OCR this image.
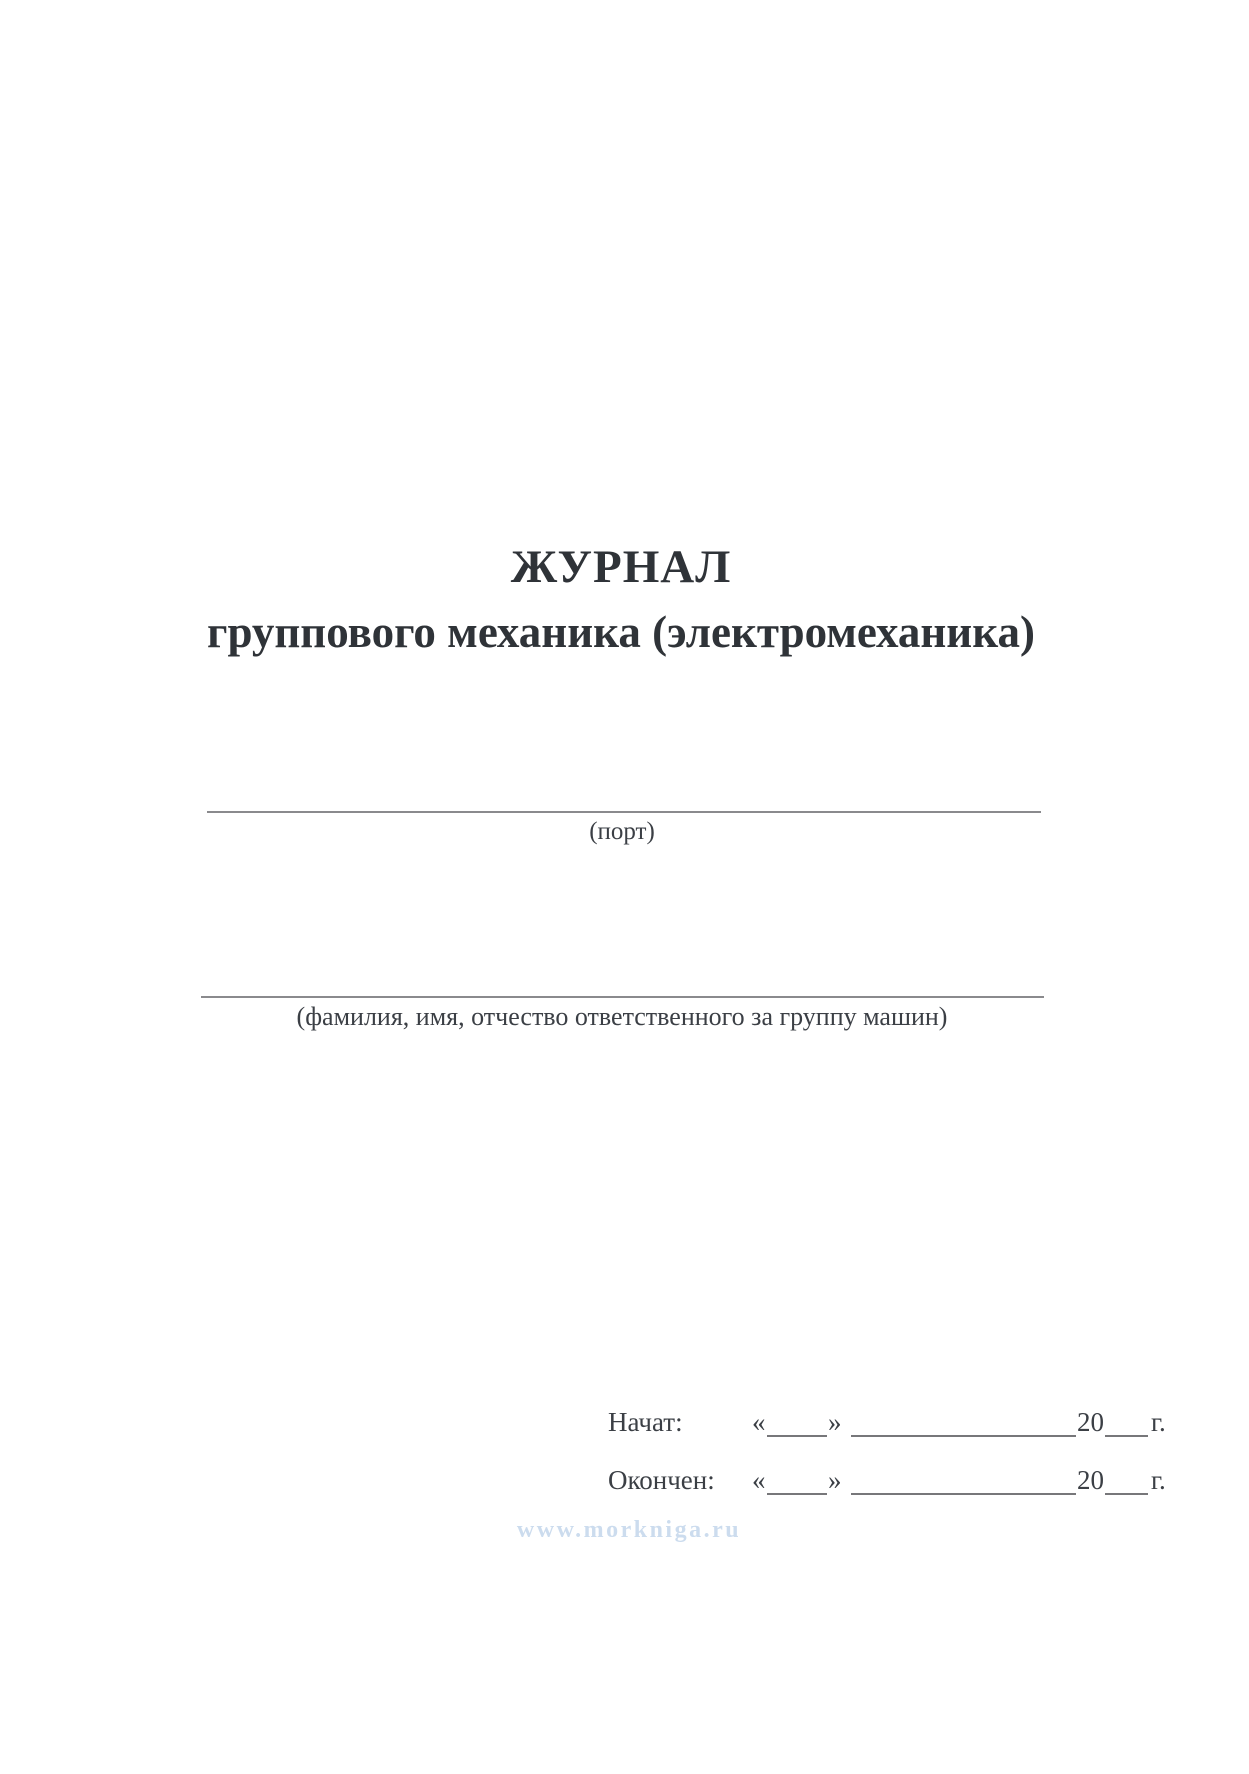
ЖУРНАЛ
группового механика (электромеханика)
(порт)
(фамилия, имя, отчество ответственного за группу машин)
Начат:	« »	20 г.
Окончен: « »	20 г.
www.morkniga.ru
